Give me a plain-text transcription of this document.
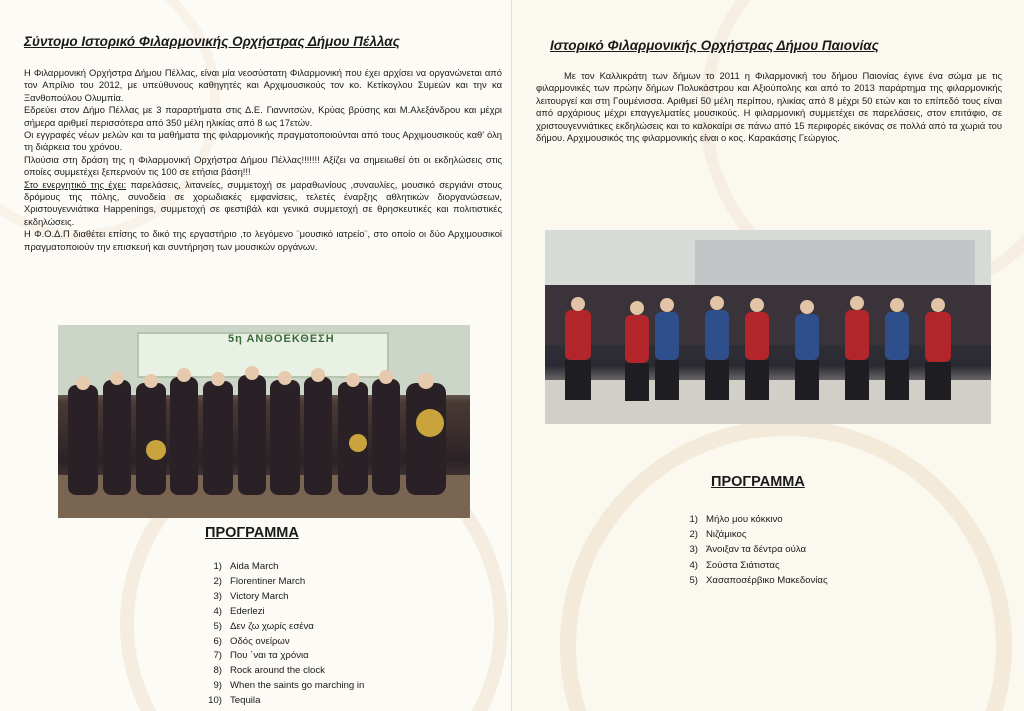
Σύντομο Ιστορικό Φιλαρμονικής Ορχήστρας Δήμου Πέλλας

Η Φιλαρμονική Ορχήστρα Δήμου Πέλλας, είναι μία νεοσύστατη Φιλαρμονική που έχει αρχίσει να οργανώνεται από τον Απρίλιο του 2012, με υπεύθυνους καθηγητές και Αρχιμουσικούς τον κο. Κετίκογλου Συμεών και την κα Ξανθοπούλου Ολυμπία.

Εδρεύει στον Δήμο Πέλλας με 3 παραρτήματα στις Δ.Ε. Γιαννιτσών, Κρύας βρύσης και Μ.Αλεξάνδρου και μέχρι σήμερα αριθμεί περισσότερα από 350 μέλη ηλικίας από 8 ως 17ετών.

Οι εγγραφές νέων μελών και τα μαθήματα της φιλαρμονικής πραγματοποιούνται από τους Αρχιμουσικούς καθ' όλη τη διάρκεια του χρόνου.

Πλούσια στη δράση της η Φιλαρμονική Ορχήστρα Δήμου Πέλλας!!!!!!! Αξίζει να σημειωθεί ότι οι εκδηλώσεις στις οποίες συμμετέχει ξεπερνούν τις 100 σε ετήσια βάση!!!

Στο ενεργητικό της έχει: παρελάσεις, λιτανείες, συμμετοχή σε μαραθωνίους ,συναυλίες, μουσικό σεργιάνι στους δρόμους της πόλης, συνοδεία σε χορωδιακές εμφανίσεις, τελετές έναρξης αθλητικών διοργανώσεων, Χριστουγεννιάτικα Happenings, συμμετοχή σε φεστιβάλ και γενικά συμμετοχή σε θρησκευτικές και πολιτιστικές εκδηλώσεις.

Η Φ.Ο.Δ.Π διαθέτει επίσης το δικό της εργαστήριο ,το λεγόμενο ¨μουσικό ιατρείο¨, στο οποίο οι δύο Αρχιμουσικοί πραγματοποιούν την επισκευή και συντήρηση των μουσικών οργάνων.

5η ΑΝΘΟΕΚΘΕΣΗ
ΠΡΟΓΡΑΜΜΑ
1) Aida March
2) Florentiner March
3) Victory March
4) Ederlezi
5) Δεν ζω χωρίς εσένα
6) Οδός ονείρων
7) Που ΄ναι τα χρόνια
8) Rock around the clock
9) When the saints go marching in
10) Tequila
Ιστορικό Φιλαρμονικής Ορχήστρας Δήμου Παιονίας

Με τον Καλλικράτη των δήμων το 2011 η Φιλαρμονική του δήμου Παιονίας έγινε ένα σώμα με τις φιλαρμονικές των πρώην δήμων Πολυκάστρου και Αξιούπολης και από το 2013 παράρτημα της φιλαρμονικής λειτουργεί και στη Γουμένισσα. Αριθμεί 50 μέλη περίπου, ηλικίας από 8 μέχρι 50 ετών και το επίπεδό τους είναι από αρχάριους μέχρι επαγγελματίες μουσικούς. Η φιλαρμονική συμμετέχει σε παρελάσεις, στον επιτάφιο, σε χριστουγεννιάτικες εκδηλώσεις και το καλοκαίρι σε πάνω από 15 περιφορές εικόνας σε πολλά από τα χωριά του δήμου. Αρχιμουσικός της φιλαρμονικής είναι ο κος. Καρακάσης Γεώργιος.

ΠΡΟΓΡΑΜΜΑ
1) Μήλο μου κόκκινο
2) Νιζάμικος
3) Άνοιξαν τα δέντρα ούλα
4) Σούστα Σιάτιστας
5) Χασαποσέρβικο Μακεδονίας
